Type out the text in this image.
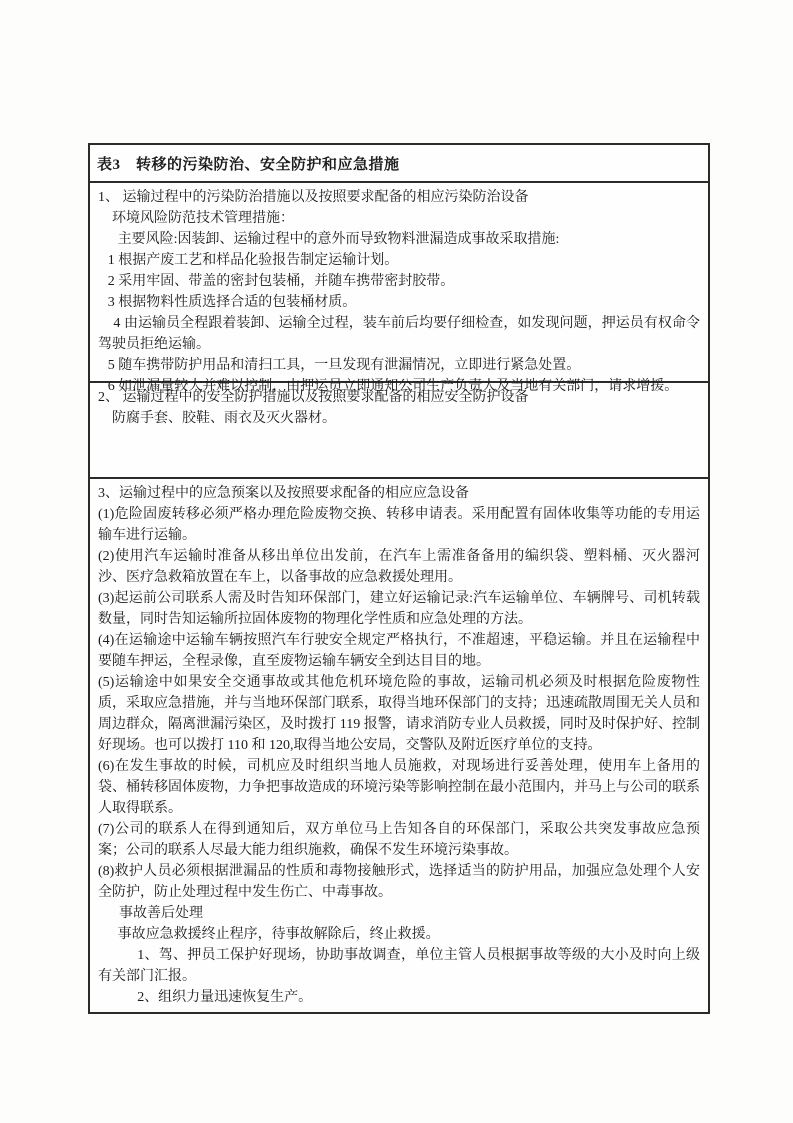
表3　转移的污染防治、安全防护和应急措施

1、 运输过程中的污染防治措施以及按照要求配备的相应污染防治设备

环境风险防范技术管理措施：

主要风险:因装卸、运输过程中的意外而导致物料泄漏造成事故采取措施:

1 根据产废工艺和样品化验报告制定运输计划。

2 采用牢固、带盖的密封包装桶，并随车携带密封胶带。

3 根据物料性质选择合适的包装桶材质。

4 由运输员全程跟着装卸、运输全过程，装车前后均要仔细检查，如发现问题，押运员有权命令驾驶员拒绝运输。

5 随车携带防护用品和清扫工具，一旦发现有泄漏情况，立即进行紧急处置。

6 如泄漏量较大并难以控制，由押运员立即通知公司生产负责人及当地有关部门，请求增援。

2、 运输过程中的安全防护措施以及按照要求配备的相应安全防护设备

防腐手套、胶鞋、雨衣及灭火器材。

3、运输过程中的应急预案以及按照要求配备的相应应急设备

(1)危险固废转移必须严格办理危险废物交换、转移申请表。采用配置有固体收集等功能的专用运输车进行运输。

(2)使用汽车运输时准备从移出单位出发前，在汽车上需准备备用的编织袋、塑料桶、灭火器河沙、医疗急救箱放置在车上，以备事故的应急救援处理用。

(3)起运前公司联系人需及时告知环保部门，建立好运输记录:汽车运输单位、车辆牌号、司机转载数量，同时告知运输所拉固体废物的物理化学性质和应急处理的方法。

(4)在运输途中运输车辆按照汽车行驶安全规定严格执行，不准超速，平稳运输。并且在运输程中要随车押运，全程录像，直至废物运输车辆安全到达目目的地。

(5)运输途中如果安全交通事故或其他危机环境危险的事故，运输司机必须及时根据危险废物性质，采取应急措施，并与当地环保部门联系，取得当地环保部门的支持；迅速疏散周围无关人员和周边群众，隔离泄漏污染区，及时拨打 119 报警，请求消防专业人员救援，同时及时保护好、控制好现场。也可以拨打 110 和 120,取得当地公安局，交警队及附近医疗单位的支持。

(6)在发生事故的时候，司机应及时组织当地人员施救，对现场进行妥善处理，使用车上备用的袋、桶转移固体废物，力争把事故造成的环境污染等影响控制在最小范围内，并马上与公司的联系人取得联系。

(7)公司的联系人在得到通知后，双方单位马上告知各自的环保部门，采取公共突发事故应急预案；公司的联系人尽最大能力组织施救，确保不发生环境污染事故。

(8)救护人员必须根据泄漏品的性质和毒物接触形式，选择适当的防护用品，加强应急处理个人安全防护，防止处理过程中发生伤亡、中毒事故。

事故善后处理

事故应急救援终止程序，待事故解除后，终止救援。

1、驾、押员工保护好现场，协助事故调查，单位主管人员根据事故等级的大小及时向上级有关部门汇报。

2、组织力量迅速恢复生产。
